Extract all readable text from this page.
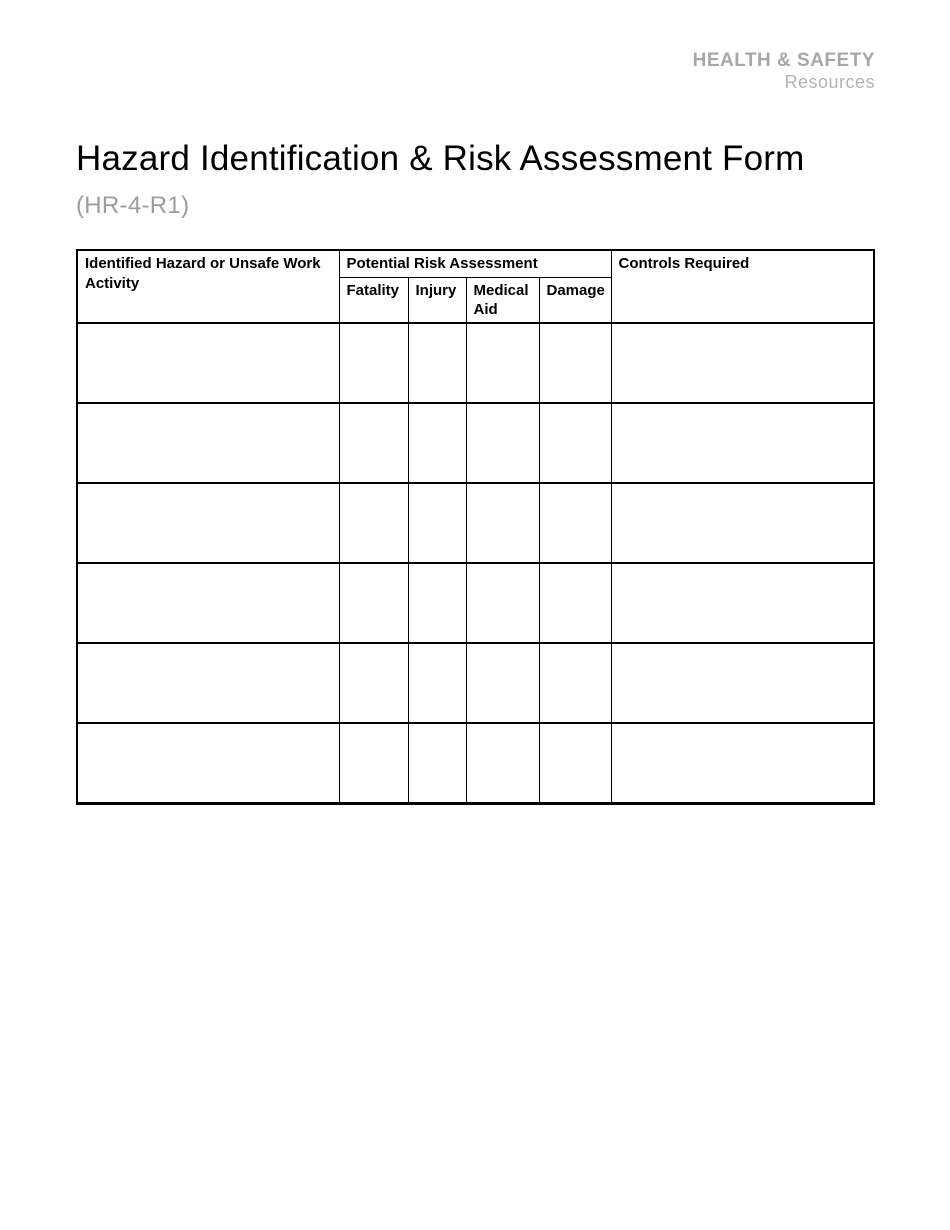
HEALTH & SAFETY
Resources
Hazard Identification & Risk Assessment Form
(HR-4-R1)
Identified Hazard or Unsafe Work Activity	Potential Risk Assessment				Controls Required
	Fatality	Injury	Medical Aid	Damage	
